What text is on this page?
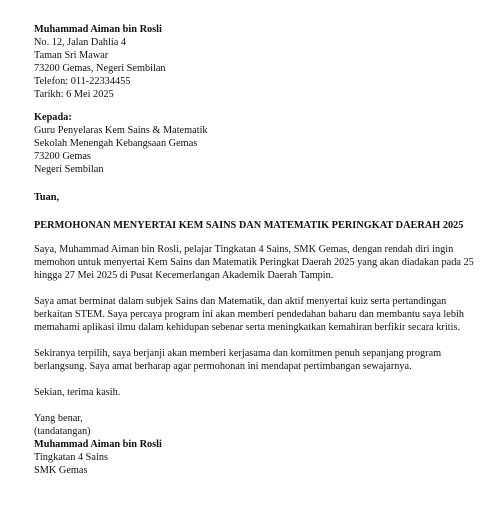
Muhammad Aiman bin Rosli
No. 12, Jalan Dahlia 4
Taman Sri Mawar
73200 Gemas, Negeri Sembilan
Telefon: 011-22334455
Tarikh: 6 Mei 2025
Kepada:
Guru Penyelaras Kem Sains & Matematik
Sekolah Menengah Kebangsaan Gemas
73200 Gemas
Negeri Sembilan
Tuan,
PERMOHONAN MENYERTAI KEM SAINS DAN MATEMATIK PERINGKAT DAERAH 2025
Saya, Muhammad Aiman bin Rosli, pelajar Tingkatan 4 Sains, SMK Gemas, dengan rendah diri ingin memohon untuk menyertai Kem Sains dan Matematik Peringkat Daerah 2025 yang akan diadakan pada 25 hingga 27 Mei 2025 di Pusat Kecemerlangan Akademik Daerah Tampin.
Saya amat berminat dalam subjek Sains dan Matematik, dan aktif menyertai kuiz serta pertandingan berkaitan STEM. Saya percaya program ini akan memberi pendedahan baharu dan membantu saya lebih memahami aplikasi ilmu dalam kehidupan sebenar serta meningkatkan kemahiran berfikir secara kritis.
Sekiranya terpilih, saya berjanji akan memberi kerjasama dan komitmen penuh sepanjang program berlangsung. Saya amat berharap agar permohonan ini mendapat pertimbangan sewajarnya.
Sekian, terima kasih.
Yang benar,
(tandatangan)
Muhammad Aiman bin Rosli
Tingkatan 4 Sains
SMK Gemas
